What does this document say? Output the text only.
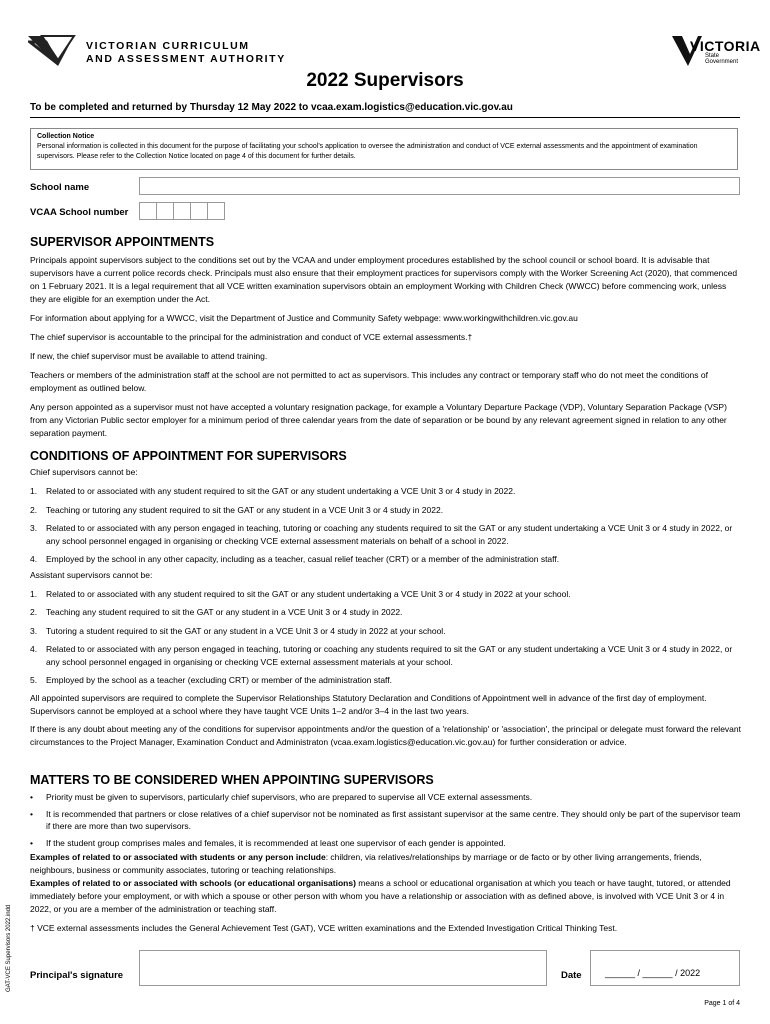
VICTORIAN CURRICULUM
AND ASSESSMENT AUTHORITY
VICTORIA
State
Government
2022 Supervisors
To be completed and returned by Thursday 12 May 2022 to vcaa.exam.logistics@education.vic.gov.au
Collection Notice
Personal information is collected in this document for the purpose of facilitating your school's application to oversee the administration and conduct of VCE external assessments and the appointment of examination supervisors. Please refer to the Collection Notice located on page 4 of this document for further details.
School name
VCAA School number
SUPERVISOR APPOINTMENTS

Principals appoint supervisors subject to the conditions set out by the VCAA and under employment procedures established by the school council or school board. It is advisable that supervisors have a current police records check. Principals must also ensure that their employment practices for supervisors comply with the Worker Screening Act (2020), that commenced on 1 February 2021. It is a legal requirement that all VCE written examination supervisors obtain an employment Working with Children Check (WWCC) before commencing work, unless they are eligible for an exemption under the Act.

For information about applying for a WWCC, visit the Department of Justice and Community Safety webpage: www.workingwithchildren.vic.gov.au

The chief supervisor is accountable to the principal for the administration and conduct of VCE external assessments.†

If new, the chief supervisor must be available to attend training.

Teachers or members of the administration staff at the school are not permitted to act as supervisors. This includes any contract or temporary staff who do not meet the conditions of employment as outlined below.

Any person appointed as a supervisor must not have accepted a voluntary resignation package, for example a Voluntary Departure Package (VDP), Voluntary Separation Package (VSP) from any Victorian Public sector employer for a minimum period of three calendar years from the date of separation or be bound by any relevant agreement signed in relation to any other separation payment.

CONDITIONS OF APPOINTMENT FOR SUPERVISORS

Chief supervisors cannot be:

1.	Related to or associated with any student required to sit the GAT or any student undertaking a VCE Unit 3 or 4 study in 2022.
2.	Teaching or tutoring any student required to sit the GAT or any student in a VCE Unit 3 or 4 study in 2022.
3.	Related to or associated with any person engaged in teaching, tutoring or coaching any students required to sit the GAT or any student undertaking a VCE Unit 3 or 4 study in 2022, or any school personnel engaged in organising or checking VCE external assessment materials on behalf of a school in 2022.
4.	Employed by the school in any other capacity, including as a teacher, casual relief teacher (CRT) or a member of the administration staff.

Assistant supervisors cannot be:

1.	Related to or associated with any student required to sit the GAT or any student undertaking a VCE Unit 3 or 4 study in 2022 at your school.
2.	Teaching any student required to sit the GAT or any student in a VCE Unit 3 or 4 study in 2022.
3.	Tutoring a student required to sit the GAT or any student in a VCE Unit 3 or 4 study in 2022 at your school.
4.	Related to or associated with any person engaged in teaching, tutoring or coaching any students required to sit the GAT or any student undertaking a VCE Unit 3 or 4 study in 2022, or any school personnel engaged in organising or checking VCE external assessment materials at your school.
5.	Employed by the school as a teacher (excluding CRT) or member of the administration staff.

All appointed supervisors are required to complete the Supervisor Relationships Statutory Declaration and Conditions of Appointment well in advance of the first day of employment. Supervisors cannot be employed at a school where they have taught VCE Units 1–2 and/or 3–4 in the last two years.

If there is any doubt about meeting any of the conditions for supervisor appointments and/or the question of a 'relationship' or 'association', the principal or delegate must forward the relevant circumstances to the Project Manager, Examination Conduct and Administraton (vcaa.exam.logistics@education.vic.gov.au) for further consideration or advice.

MATTERS TO BE CONSIDERED WHEN APPOINTING SUPERVISORS
•	Priority must be given to supervisors, particularly chief supervisors, who are prepared to supervise all VCE external assessments.
•	It is recommended that partners or close relatives of a chief supervisor not be nominated as first assistant supervisor at the same centre. They should only be part of the supervisor team if there are more than two supervisors.
•	If the student group comprises males and females, it is recommended at least one supervisor of each gender is appointed.

Examples of related to or associated with students or any person include: children, via relatives/relationships by marriage or de facto or by other living arrangements, friends, neighbours, business or community associates, tutoring or teaching relationships.

Examples of related to or associated with schools (or educational organisations) means a school or educational organisation at which you teach or have taught, tutored, or attended immediately before your employment, or with which a spouse or other person with whom you have a relationship or association with as defined above, is involved with VCE Unit 3 or 4 in 2022, or you are a member of the administration or teaching staff.

† VCE external assessments includes the General Achievement Test (GAT), VCE written examinations and the Extended Investigation Critical Thinking Test.

Principal's signature	Date	______ / ______ / 2022
GAT-VCE Supervisors 2022.indd
Page 1 of 4
